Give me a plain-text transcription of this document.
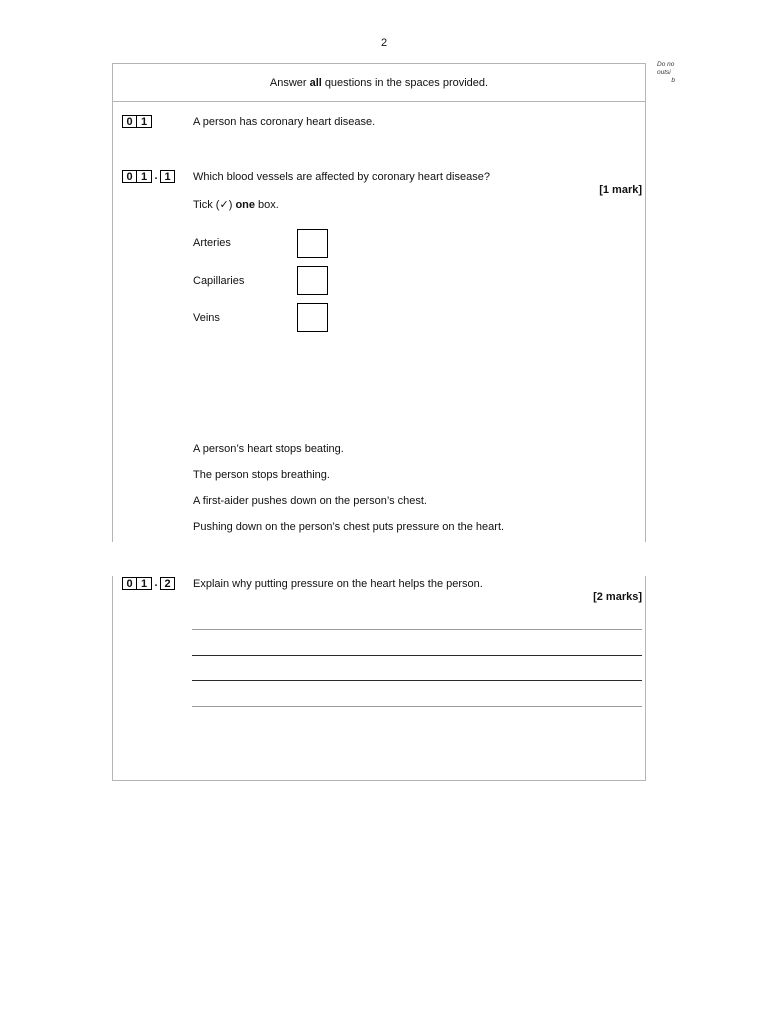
2
Do no
outsi
b
Answer all questions in the spaces provided.
0 1	A person has coronary heart disease.
0 1 . 1	Which blood vessels are affected by coronary heart disease?
[1 mark]
Tick (✓) one box.
Arteries
Capillaries
Veins
A person’s heart stops beating.
The person stops breathing.
A first-aider pushes down on the person’s chest.
Pushing down on the person’s chest puts pressure on the heart.
0 1 . 2	Explain why putting pressure on the heart helps the person.
[2 marks]
